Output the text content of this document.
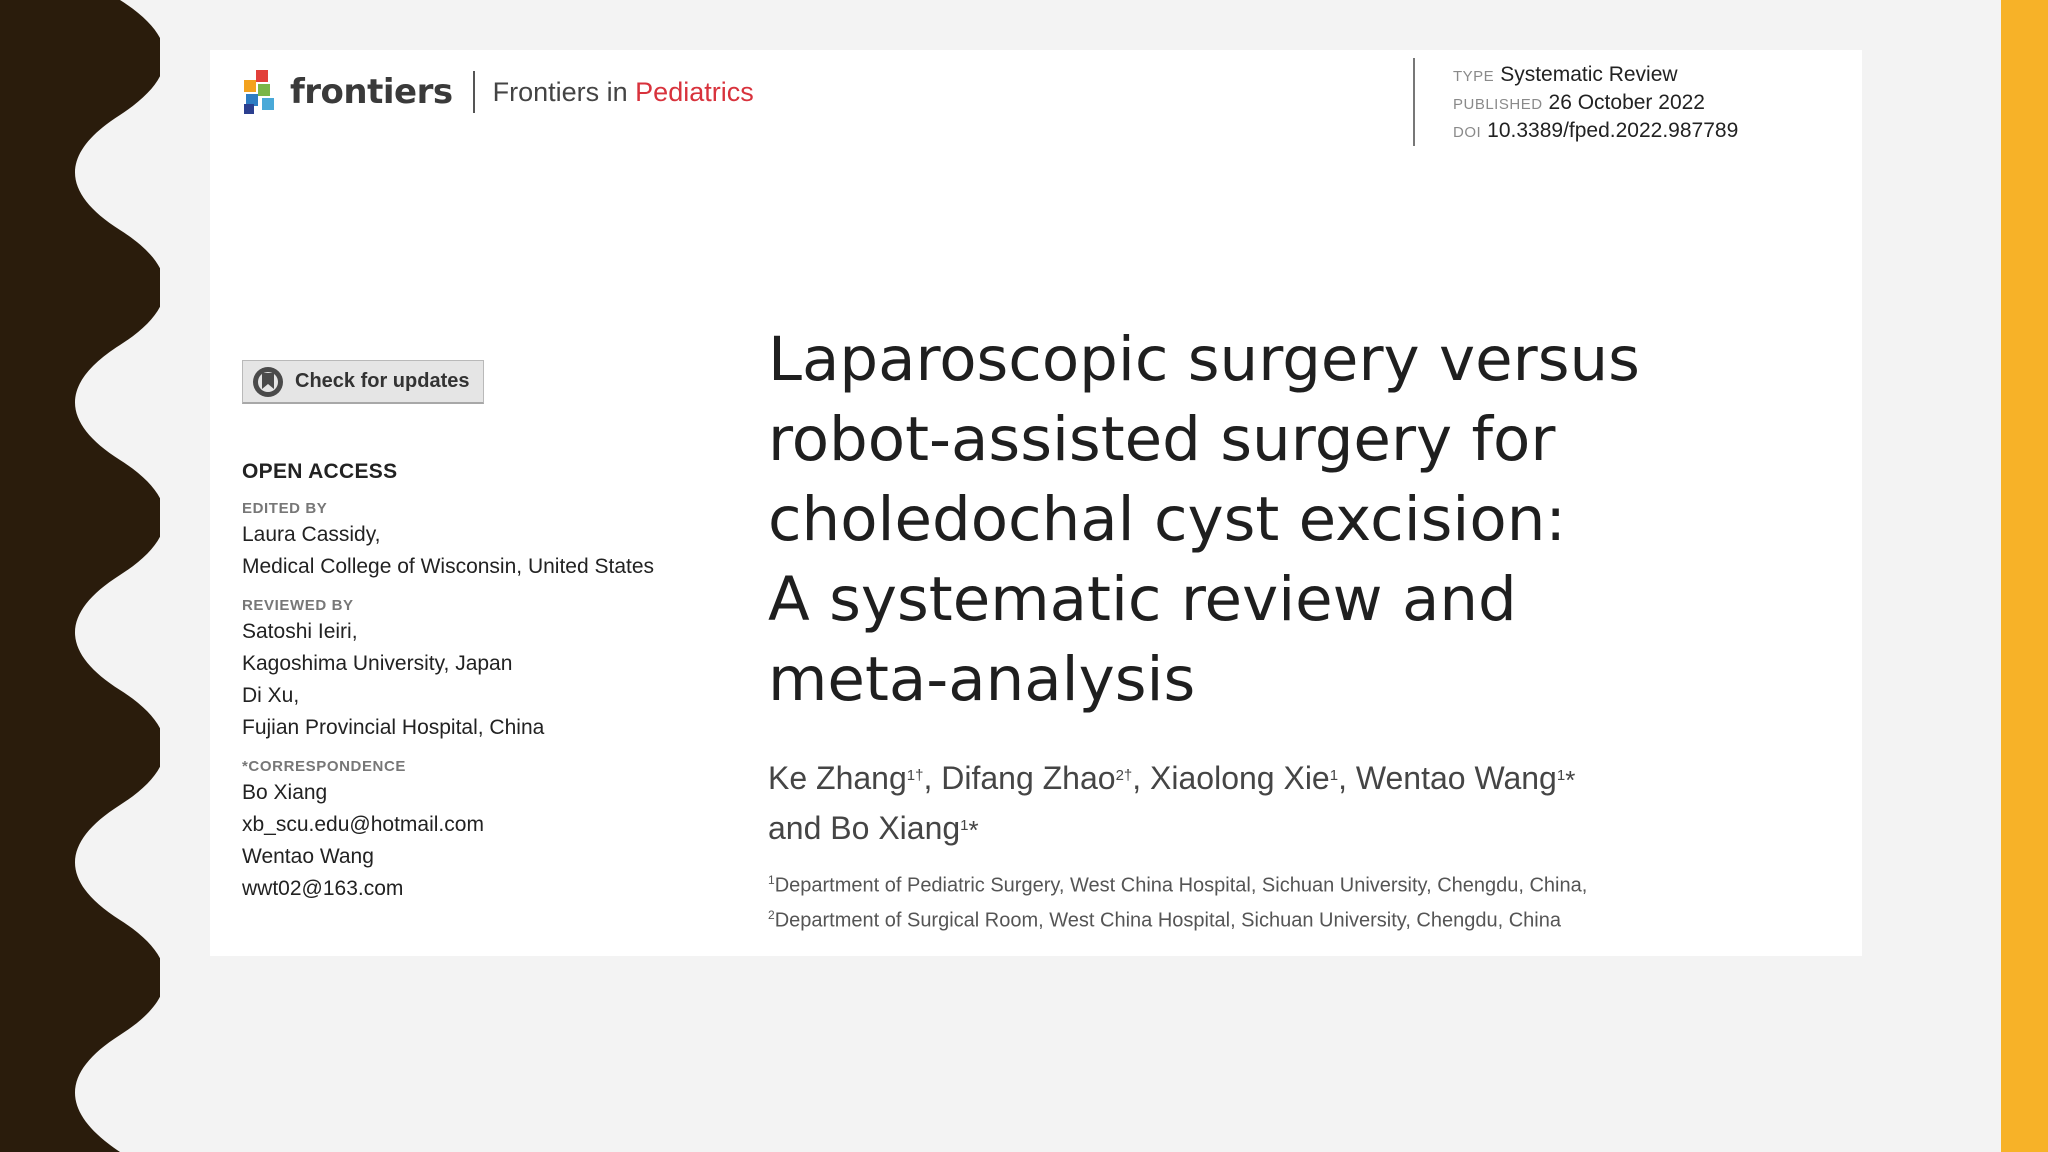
frontiers Frontiers in Pediatrics	TYPE Systematic Review
PUBLISHED 26 October 2022
DOI 10.3389/fped.2022.987789
Check for updates
OPEN ACCESS
EDITED BY
Laura Cassidy,
Medical College of Wisconsin, United States
REVIEWED BY
Satoshi Ieiri,
Kagoshima University, Japan
Di Xu,
Fujian Provincial Hospital, China
*CORRESPONDENCE
Bo Xiang
xb_scu.edu@hotmail.com
Wentao Wang
wwt02@163.com
Laparoscopic surgery versus
robot-assisted surgery for
choledochal cyst excision:
A systematic review and
meta-analysis
Ke Zhang$^{1\dagger}$, Difang Zhao$^{2\dagger}$, Xiaolong Xie$^1$, Wentao Wang$^1$*
and Bo Xiang$^1$*
$^1$Department of Pediatric Surgery, West China Hospital, Sichuan University, Chengdu, China,
$^2$Department of Surgical Room, West China Hospital, Sichuan University, Chengdu, China
